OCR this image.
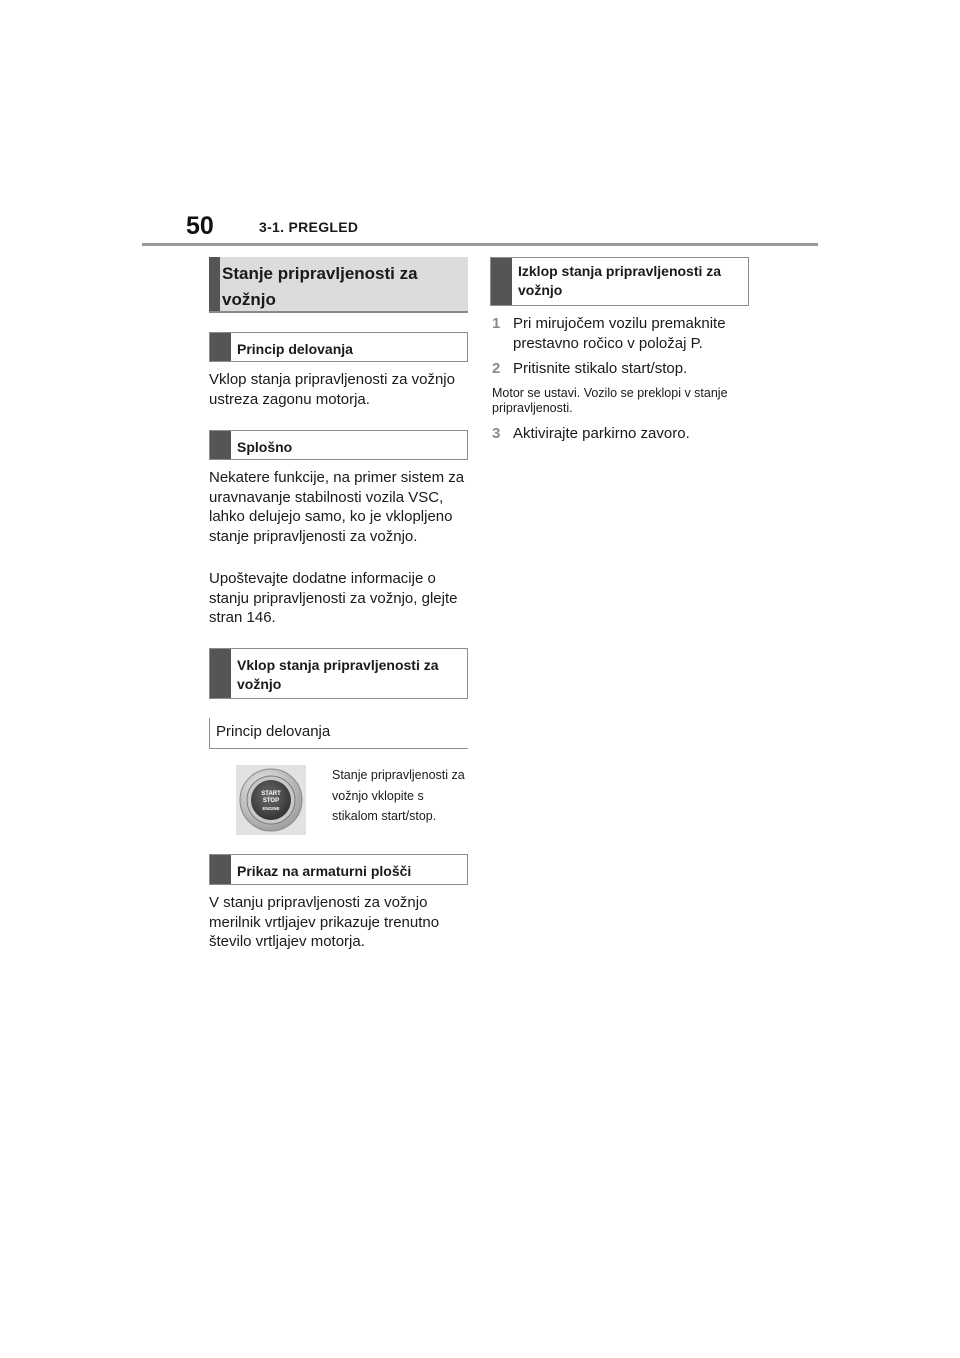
50	3-1. PREGLED
Stanje pripravljenosti za vožnjo
Princip delovanja
Vklop stanja pripravljenosti za vožnjo ustreza zagonu motorja.
Splošno
Nekatere funkcije, na primer sistem za uravnavanje stabilnosti vozila VSC, lahko delujejo samo, ko je vklopljeno stanje pripravljenosti za vožnjo.
Upoštevajte dodatne informacije o stanju pripravljenosti za vožnjo, glejte stran 146.
Vklop stanja pripravljenosti za vožnjo
Princip delovanja
START
STOP
ENGINE
Stanje pripravljenosti za vožnjo vklopite s stikalom start/stop.
Prikaz na armaturni plošči
V stanju pripravljenosti za vožnjo merilnik vrtljajev prikazuje trenutno število vrtljajev motorja.
Izklop stanja pripravljenosti za vožnjo
1 Pri mirujočem vozilu premaknite prestavno ročico v položaj P.
2 Pritisnite stikalo start/stop.
Motor se ustavi. Vozilo se preklopi v stanje pripravljenosti.
3 Aktivirajte parkirno zavoro.
